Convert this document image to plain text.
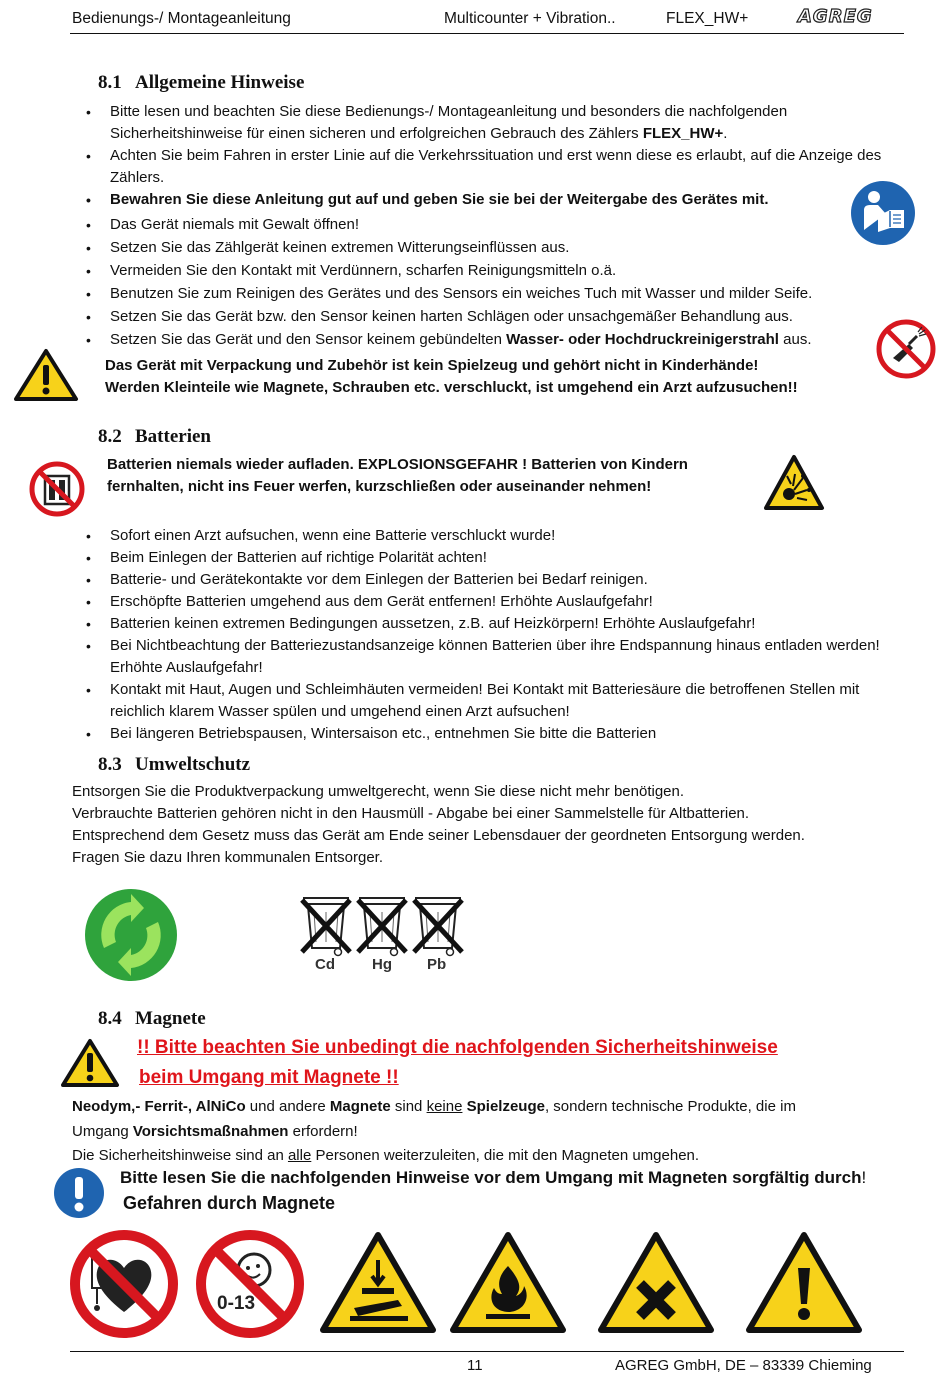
Bedienungs-/ Montageanleitung	Multicounter + Vibration..	FLEX_HW+	AGREG
8.1 Allgemeine Hinweise
• Bitte lesen und beachten Sie diese Bedienungs-/ Montageanleitung und besonders die nachfolgenden Sicherheitshinweise für einen sicheren und erfolgreichen Gebrauch des Zählers FLEX_HW+.
• Achten Sie beim Fahren in erster Linie auf die Verkehrssituation und erst wenn diese es erlaubt, auf die Anzeige des Zählers.
• Bewahren Sie diese Anleitung gut auf und geben Sie sie bei der Weitergabe des Gerätes mit.
• Das Gerät niemals mit Gewalt öffnen!
• Setzen Sie das Zählgerät keinen extremen Witterungseinflüssen aus.
• Vermeiden Sie den Kontakt mit Verdünnern, scharfen Reinigungsmitteln o.ä.
• Benutzen Sie zum Reinigen des Gerätes und des Sensors ein weiches Tuch mit Wasser und milder Seife.
• Setzen Sie das Gerät bzw. den Sensor keinen harten Schlägen oder unsachgemäßer Behandlung aus.
• Setzen Sie das Gerät und den Sensor keinem gebündelten Wasser- oder Hochdruckreinigerstrahl aus.
Das Gerät mit Verpackung und Zubehör ist kein Spielzeug und gehört nicht in Kinderhände!
Werden Kleinteile wie Magnete, Schrauben etc. verschluckt, ist umgehend ein Arzt aufzusuchen!!
8.2 Batterien
Batterien niemals wieder aufladen. EXPLOSIONSGEFAHR ! Batterien von Kindern
fernhalten, nicht ins Feuer werfen, kurzschließen oder auseinander nehmen!
• Sofort einen Arzt aufsuchen, wenn eine Batterie verschluckt wurde!
• Beim Einlegen der Batterien auf richtige Polarität achten!
• Batterie- und Gerätekontakte vor dem Einlegen der Batterien bei Bedarf reinigen.
• Erschöpfte Batterien umgehend aus dem Gerät entfernen! Erhöhte Auslaufgefahr!
• Batterien keinen extremen Bedingungen aussetzen, z.B. auf Heizkörpern! Erhöhte Auslaufgefahr!
• Bei Nichtbeachtung der Batteriezustandsanzeige können Batterien über ihre Endspannung hinaus entladen werden! Erhöhte Auslaufgefahr!
• Kontakt mit Haut, Augen und Schleimhäuten vermeiden! Bei Kontakt mit Batteriesäure die betroffenen Stellen mit reichlich klarem Wasser spülen und umgehend einen Arzt aufsuchen!
• Bei längeren Betriebspausen, Wintersaison etc., entnehmen Sie bitte die Batterien
8.3 Umweltschutz
Entsorgen Sie die Produktverpackung umweltgerecht, wenn Sie diese nicht mehr benötigen.
Verbrauchte Batterien gehören nicht in den Hausmüll - Abgabe bei einer Sammelstelle für Altbatterien.
Entsprechend dem Gesetz muss das Gerät am Ende seiner Lebensdauer der geordneten Entsorgung werden.
Fragen Sie dazu Ihren kommunalen Entsorger.
Cd Hg Pb
8.4 Magnete
!! Bitte beachten Sie unbedingt die nachfolgenden Sicherheitshinweise
beim Umgang mit Magnete !!
Neodym,- Ferrit-, AlNiCo und andere Magnete sind keine Spielzeuge, sondern technische Produkte, die im
Umgang Vorsichtsmaßnahmen erfordern!
Die Sicherheitshinweise sind an alle Personen weiterzuleiten, die mit den Magneten umgehen.
Bitte lesen Sie die nachfolgenden Hinweise vor dem Umgang mit Magneten sorgfältig durch!
Gefahren durch Magnete
0-13
11	AGREG GmbH, DE – 83339 Chieming
